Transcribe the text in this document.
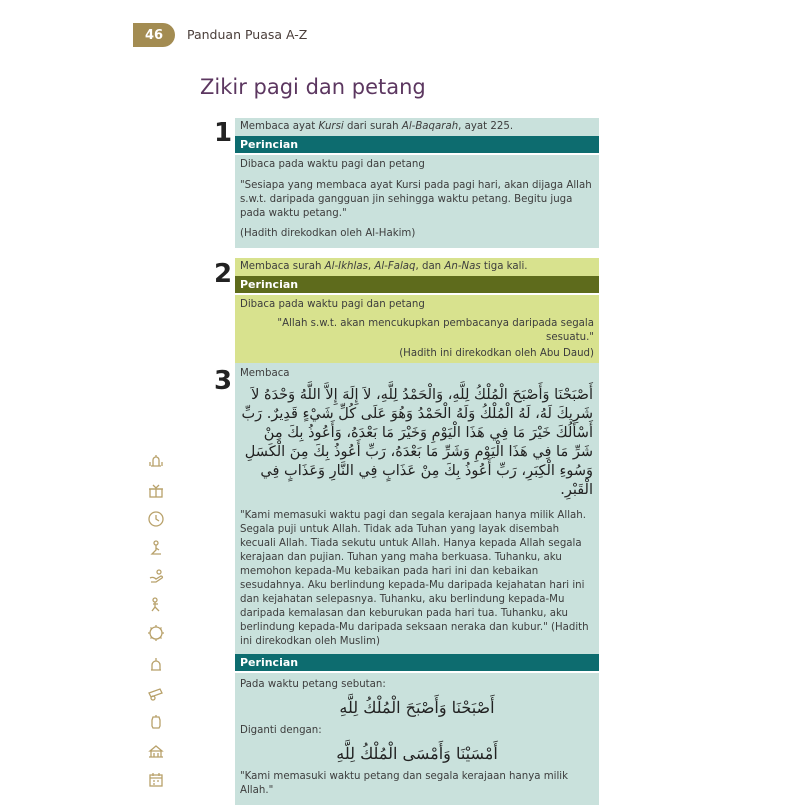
46	Panduan Puasa A-Z
Zikir pagi dan petang
1 Membaca ayat Kursi dari surah Al-Baqarah, ayat 225.
Perincian
Dibaca pada waktu pagi dan petang
"Sesiapa yang membaca ayat Kursi pada pagi hari, akan dijaga Allah s.w.t. daripada gangguan jin sehingga waktu petang. Begitu juga pada waktu petang."
(Hadith direkodkan oleh Al-Hakim)
2 Membaca surah Al-Ikhlas, Al-Falaq, dan An-Nas tiga kali.
Perincian
Dibaca pada waktu pagi dan petang
"Allah s.w.t. akan mencukupkan pembacanya daripada segala sesuatu."
(Hadith ini direkodkan oleh Abu Daud)
3 Membaca
أَصْبَحْنَا وَأَصْبَحَ الْمُلْكُ لِلَّهِ، وَالْحَمْدُ لِلَّهِ، لاَ إِلَهَ إِلاَّ اللَّهُ وَحْدَهُ لاَ شَرِيكَ لَهُ، لَهُ الْمُلْكُ وَلَهُ الْحَمْدُ وَهُوَ عَلَى كُلِّ شَيْءٍ قَدِيرٌ. رَبِّ أَسْأَلُكَ خَيْرَ مَا فِي هَذَا الْيَوْمِ وَخَيْرَ مَا بَعْدَهُ، وَأَعُوذُ بِكَ مِنْ شَرِّ مَا فِي هَذَا الْيَوْمِ وَشَرِّ مَا بَعْدَهُ، رَبِّ أَعُوذُ بِكَ مِنَ الْكَسَلِ وَسُوءِ الْكِبَرِ، رَبِّ أَعُوذُ بِكَ مِنْ عَذَابٍ فِي النَّارِ وَعَذَابٍ فِي الْقَبْرِ.
"Kami memasuki waktu pagi dan segala kerajaan hanya milik Allah. Segala puji untuk Allah. Tidak ada Tuhan yang layak disembah kecuali Allah. Tiada sekutu untuk Allah. Hanya kepada Allah segala kerajaan dan pujian. Tuhan yang maha berkuasa. Tuhanku, aku memohon kepada-Mu kebaikan pada hari ini dan kebaikan sesudahnya. Aku berlindung kepada-Mu daripada kejahatan hari ini dan kejahatan selepasnya. Tuhanku, aku berlindung kepada-Mu daripada kemalasan dan keburukan pada hari tua. Tuhanku, aku berlindung kepada-Mu daripada seksaan neraka dan kubur." (Hadith ini direkodkan oleh Muslim)
Perincian
Pada waktu petang sebutan:
أَصْبَحْنَا وَأَصْبَحَ الْمُلْكُ لِلَّهِ
Diganti dengan:
أَمْسَيْنَا وَأَمْسَى الْمُلْكُ لِلَّهِ
"Kami memasuki waktu petang dan segala kerajaan hanya milik Allah."
